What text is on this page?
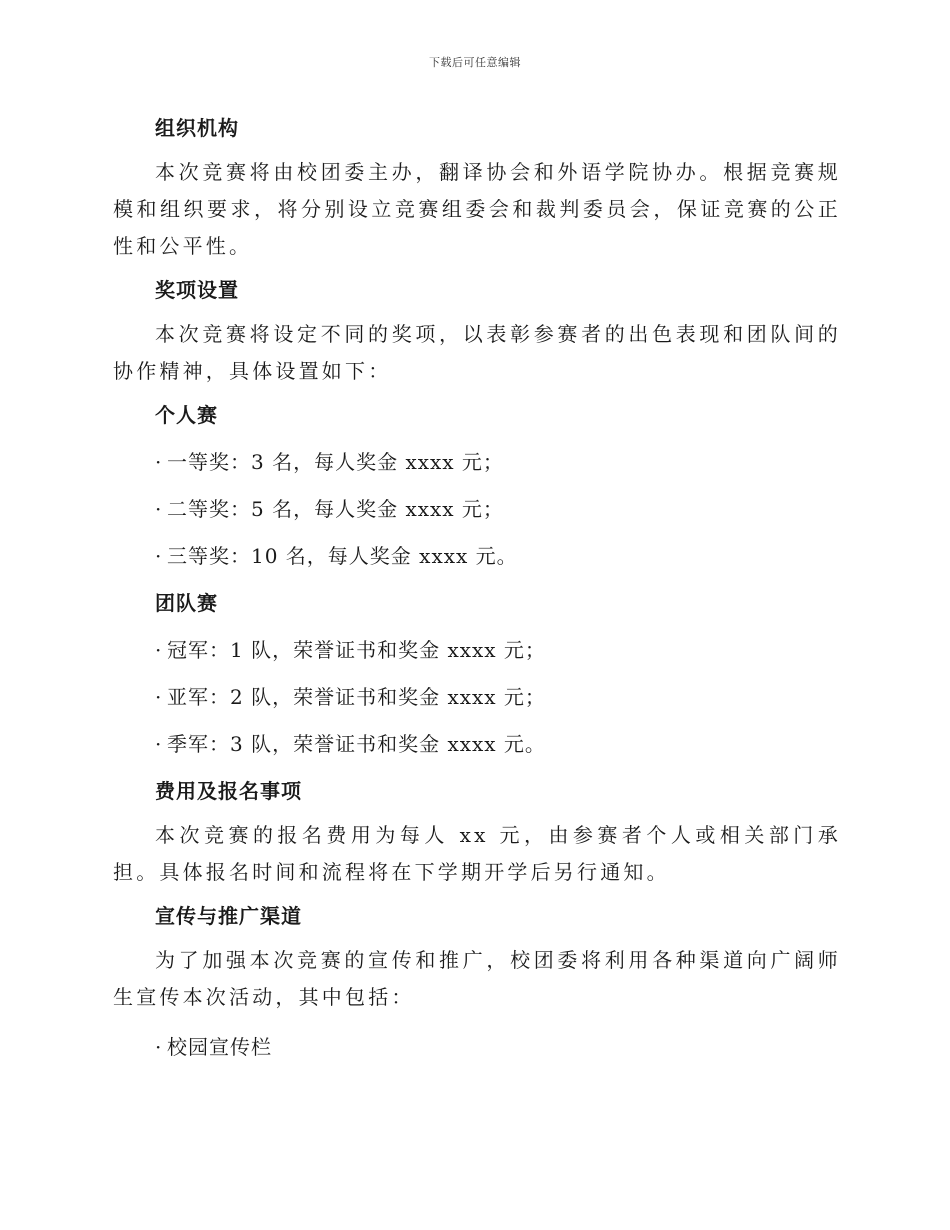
下载后可任意编辑

组织机构

本次竞赛将由校团委主办，翻译协会和外语学院协办。根据竞赛规模和组织要求，将分别设立竞赛组委会和裁判委员会，保证竞赛的公正性和公平性。

奖项设置

本次竞赛将设定不同的奖项，以表彰参赛者的出色表现和团队间的协作精神，具体设置如下：

个人赛

· 一等奖：3 名，每人奖金 xxxx 元；

· 二等奖：5 名，每人奖金 xxxx 元；

· 三等奖：10 名，每人奖金 xxxx 元。

团队赛

· 冠军：1 队，荣誉证书和奖金 xxxx 元；

· 亚军：2 队，荣誉证书和奖金 xxxx 元；

· 季军：3 队，荣誉证书和奖金 xxxx 元。

费用及报名事项

本次竞赛的报名费用为每人 xx 元，由参赛者个人或相关部门承担。具体报名时间和流程将在下学期开学后另行通知。

宣传与推广渠道

为了加强本次竞赛的宣传和推广，校团委将利用各种渠道向广阔师生宣传本次活动，其中包括：

· 校园宣传栏
